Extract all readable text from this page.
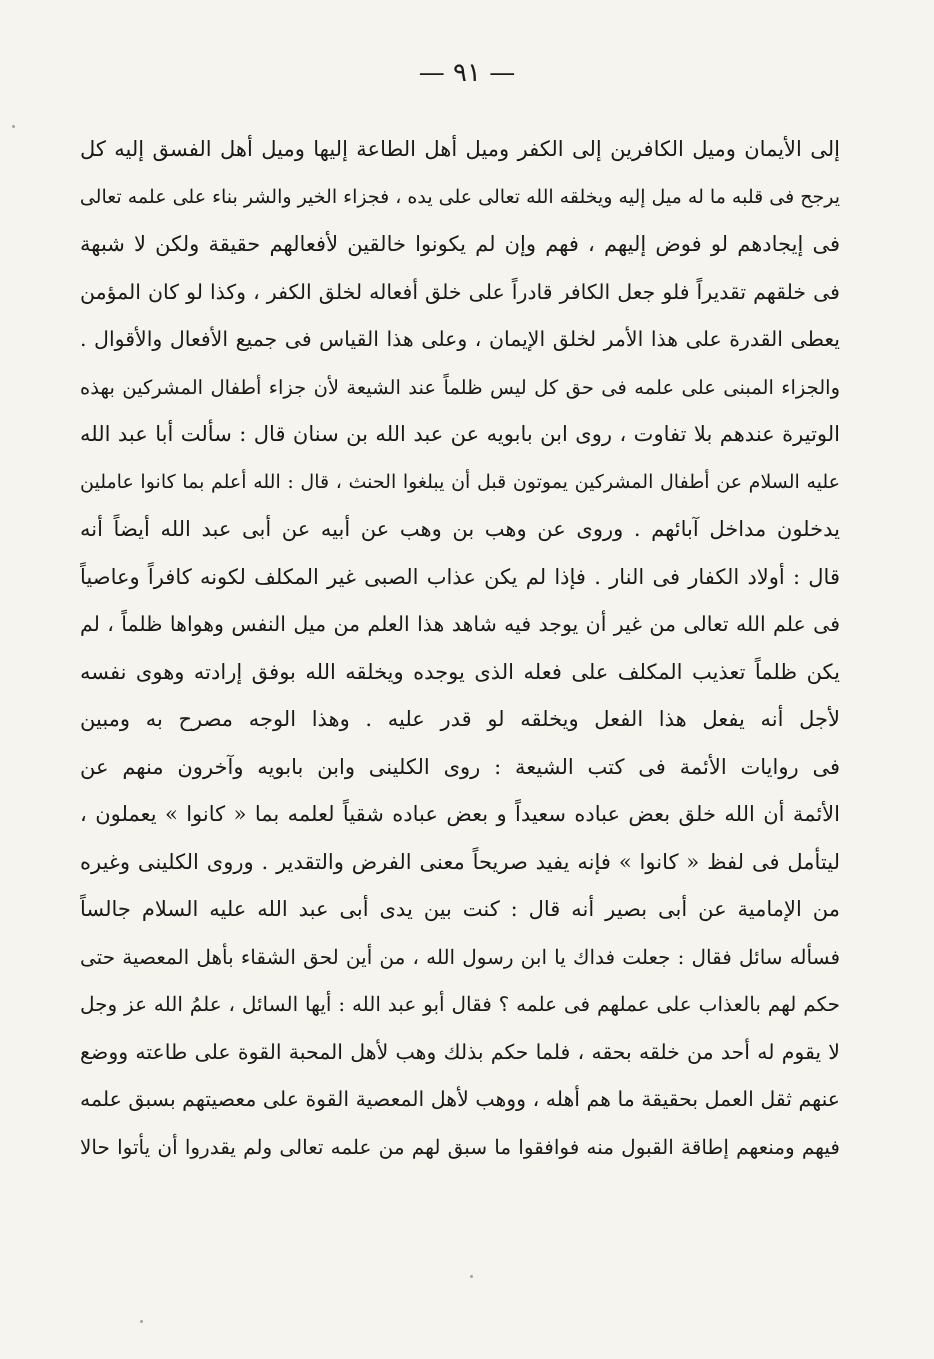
— ٩١ —
إلى الأيمان وميل الكافرين إلى الكفر وميل أهل الطاعة إليها وميل أهل الفسق إليه كل
يرجح فى قلبه ما له ميل إليه ويخلقه الله تعالى على يده ، فجزاء الخير والشر بناء على علمه تعالى
فى إيجادهم لو فوض إليهم ، فهم وإن لم يكونوا خالقين لأفعالهم حقيقة ولكن لا شبهة
فى خلقهم تقديراً فلو جعل الكافر قادراً على خلق أفعاله لخلق الكفر ، وكذا لو كان المؤمن
يعطى القدرة على هذا الأمر لخلق الإيمان ، وعلى هذا القياس فى جميع الأفعال والأقوال .
والجزاء المبنى على علمه فى حق كل ليس ظلماً عند الشيعة لأن جزاء أطفال المشركين بهذه
الوتيرة عندهم بلا تفاوت ، روى ابن بابويه عن عبد الله بن سنان قال : سألت أبا عبد الله
عليه السلام عن أطفال المشركين يموتون قبل أن يبلغوا الحنث ، قال : الله أعلم بما كانوا عاملين
يدخلون مداخل آبائهم . وروى عن وهب بن وهب عن أبيه عن أبى عبد الله أيضاً أنه
قال : أولاد الكفار فى النار . فإذا لم يكن عذاب الصبى غير المكلف لكونه كافراً وعاصياً
فى علم الله تعالى من غير أن يوجد فيه شاهد هذا العلم من ميل النفس وهواها ظلماً ، لم
يكن ظلماً تعذيب المكلف على فعله الذى يوجده ويخلقه الله بوفق إرادته وهوى نفسه
لأجل أنه يفعل هذا الفعل ويخلقه لو قدر عليه . وهذا الوجه مصرح به ومبين
فى روايات الأئمة فى كتب الشيعة : روى الكلينى وابن بابويه وآخرون منهم عن
الأئمة أن الله خلق بعض عباده سعيداً و بعض عباده شقياً لعلمه بما « كانوا » يعملون ،
ليتأمل فى لفظ « كانوا » فإنه يفيد صريحاً معنى الفرض والتقدير . وروى الكلينى وغيره
من الإمامية عن أبى بصير أنه قال : كنت بين يدى أبى عبد الله عليه السلام جالساً
فسأله سائل فقال : جعلت فداك يا ابن رسول الله ، من أين لحق الشقاء بأهل المعصية حتى
حكم لهم بالعذاب على عملهم فى علمه ؟ فقال أبو عبد الله : أيها السائل ، علمُ الله عز وجل
لا يقوم له أحد من خلقه بحقه ، فلما حكم بذلك وهب لأهل المحبة القوة على طاعته ووضع
عنهم ثقل العمل بحقيقة ما هم أهله ، ووهب لأهل المعصية القوة على معصيتهم بسبق علمه
فيهم ومنعهم إطاقة القبول منه فوافقوا ما سبق لهم من علمه تعالى ولم يقدروا أن يأتوا حالا
